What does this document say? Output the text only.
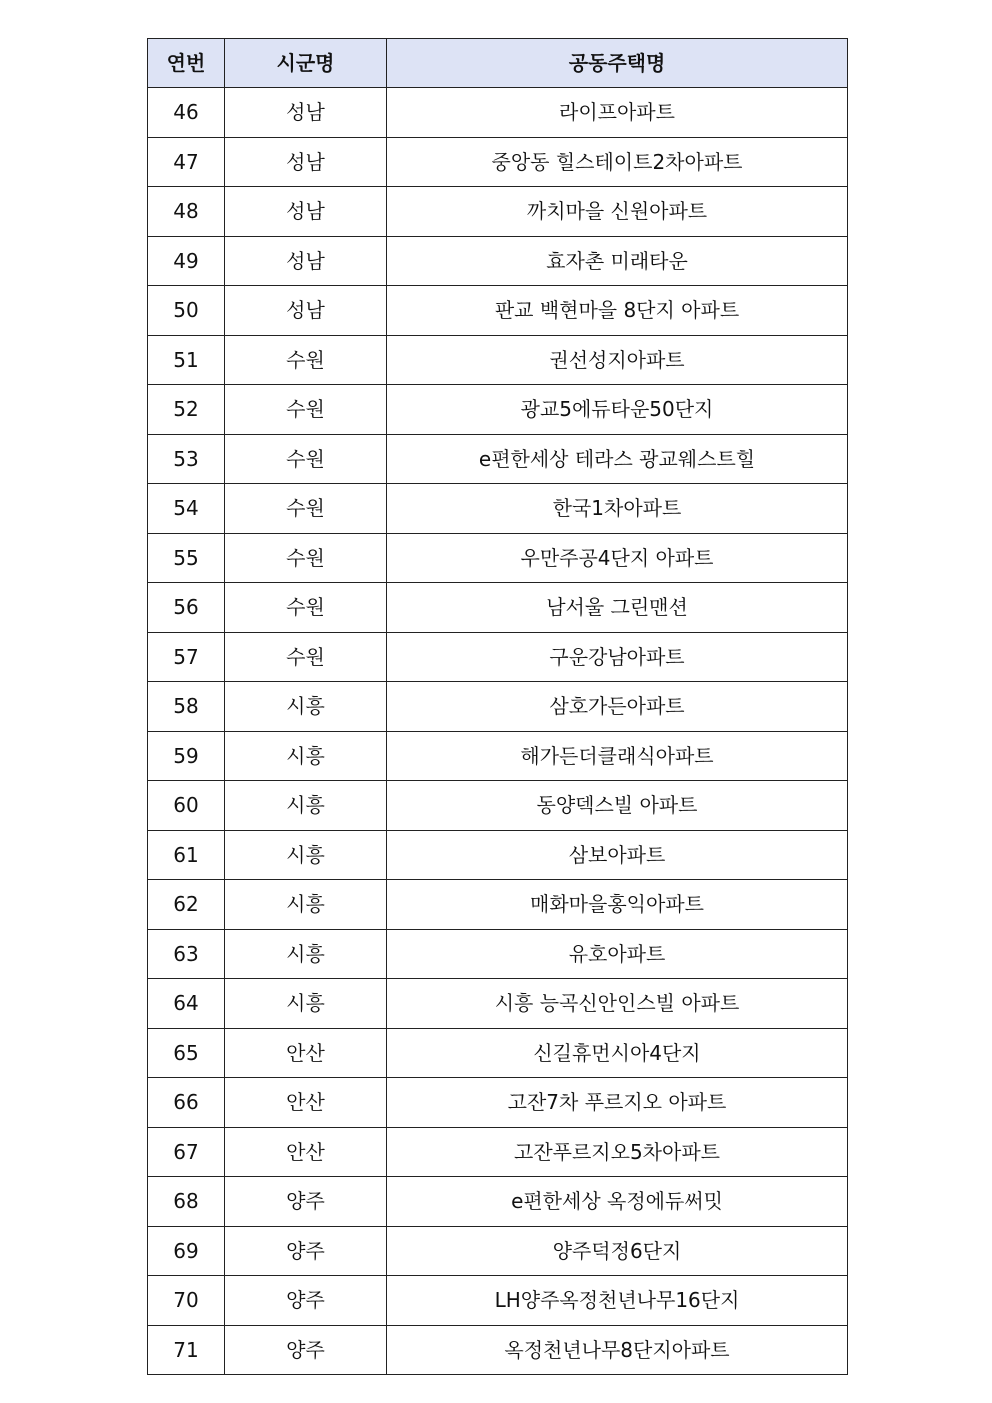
연번	시군명	공동주택명
46	성남	라이프아파트
47	성남	중앙동 힐스테이트2차아파트
48	성남	까치마을 신원아파트
49	성남	효자촌 미래타운
50	성남	판교 백현마을 8단지 아파트
51	수원	권선성지아파트
52	수원	광교5에듀타운50단지
53	수원	e편한세상 테라스 광교웨스트힐
54	수원	한국1차아파트
55	수원	우만주공4단지 아파트
56	수원	남서울 그린맨션
57	수원	구운강남아파트
58	시흥	삼호가든아파트
59	시흥	해가든더클래식아파트
60	시흥	동양덱스빌 아파트
61	시흥	삼보아파트
62	시흥	매화마을홍익아파트
63	시흥	유호아파트
64	시흥	시흥 능곡신안인스빌 아파트
65	안산	신길휴먼시아4단지
66	안산	고잔7차 푸르지오 아파트
67	안산	고잔푸르지오5차아파트
68	양주	e편한세상 옥정에듀써밋
69	양주	양주덕정6단지
70	양주	LH양주옥정천년나무16단지
71	양주	옥정천년나무8단지아파트
